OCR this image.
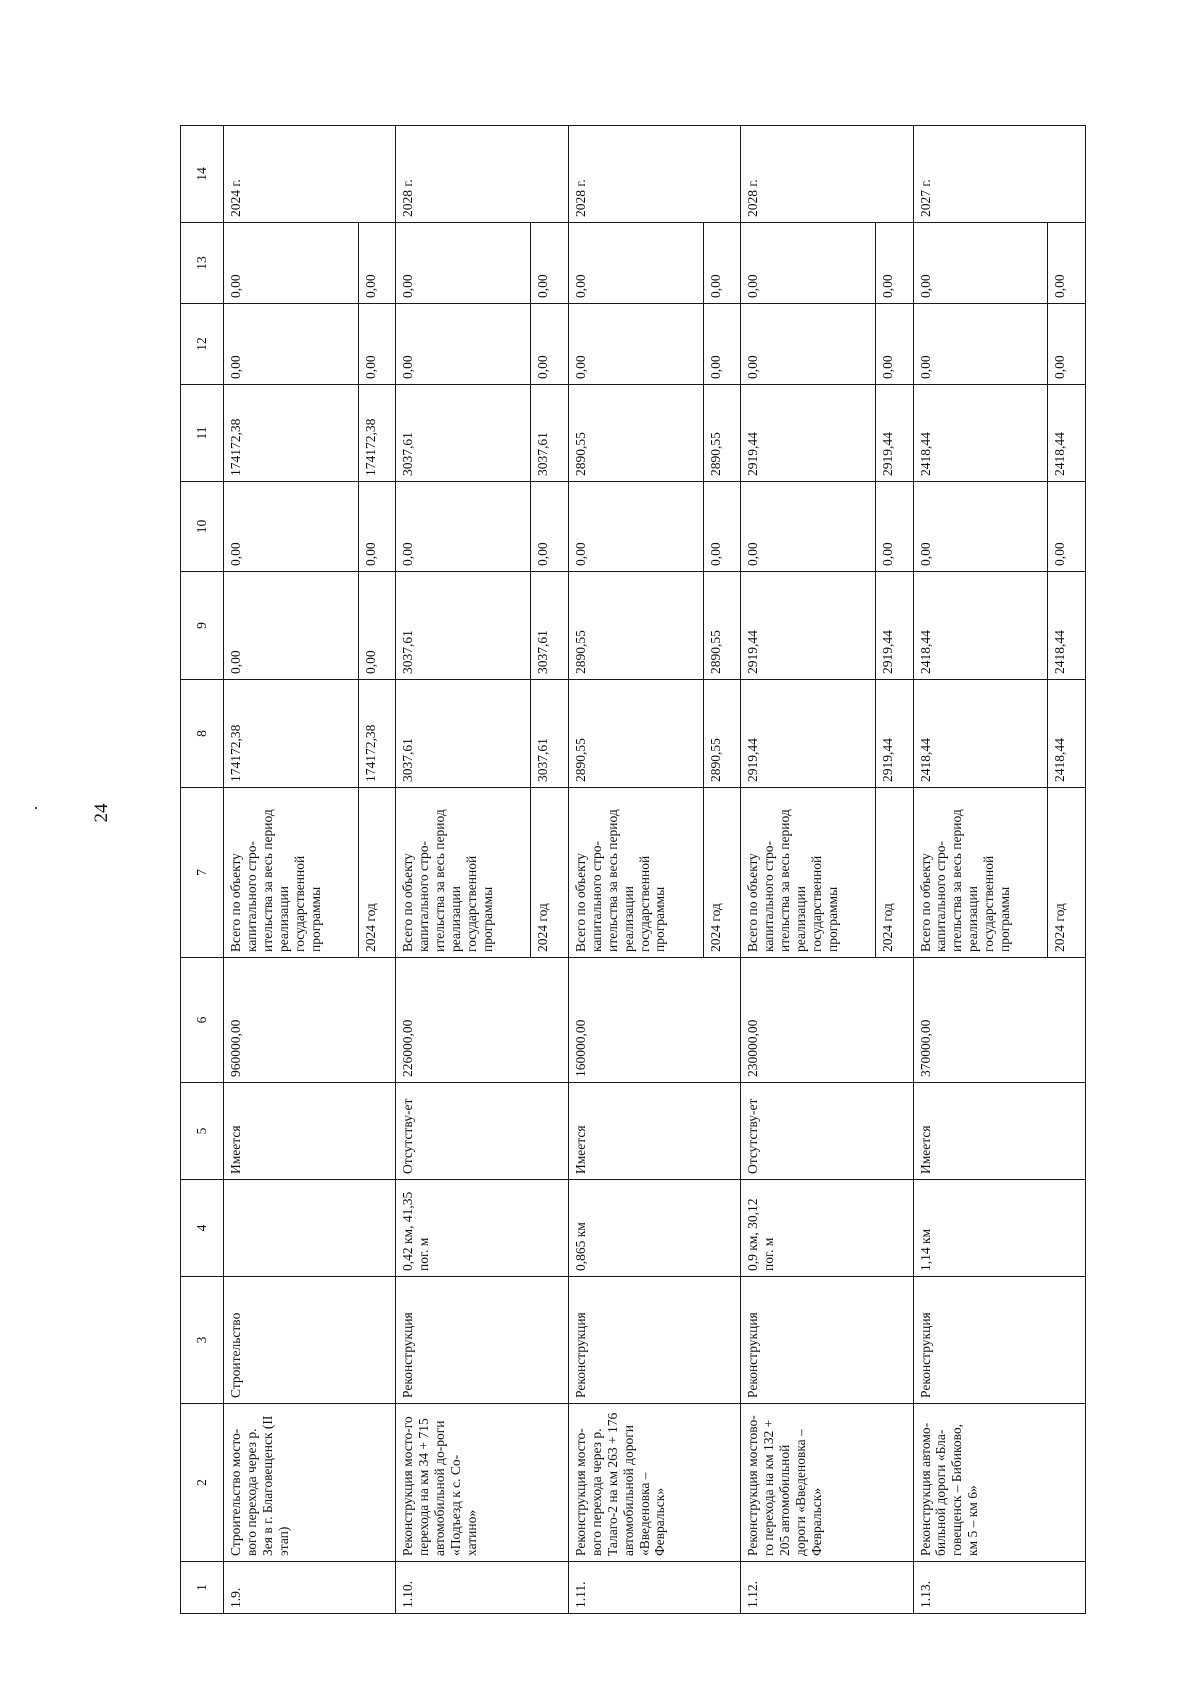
24
1	2	3	4	5	6	7	8	9	10	11	12	13	14
1.9.	Строительство мосто-вого перехода через р. Зея в г. Благовещенск (II этап)	Строительство		Имеется	960000,00	Всего по объекту капитального стро-ительства за весь период реализации государственной программы	174172,38	0,00	0,00	174172,38	0,00	0,00	2024 г.
						2024 год	174172,38	0,00	0,00	174172,38	0,00	0,00	
1.10.	Реконструкция мосто-го перехода на км 34 + 715 автомобильной до-роги «Подъезд к с. Со-хатино»	Реконструкция	0,42 км, 41,35 пог. м	Отсутству-ет	226000,00	Всего по объекту капитального стро-ительства за весь период реализации государственной программы	3037,61	3037,61	0,00	3037,61	0,00	0,00	2028 г.
						2024 год	3037,61	3037,61	0,00	3037,61	0,00	0,00	
1.11.	Реконструкция мосто-вого перехода через р. Талаго-2 на км 263 + 176 автомобильной дороги «Введеновка – Февральск»	Реконструкция	0,865 км	Имеется	160000,00	Всего по объекту капитального стро-ительства за весь период реализации государственной программы	2890,55	2890,55	0,00	2890,55	0,00	0,00	2028 г.
						2024 год	2890,55	2890,55	0,00	2890,55	0,00	0,00	
1.12.	Реконструкция мостово-го перехода на км 132 + 205 автомобильной дороги «Введеновка – Февральск»	Реконструкция	0,9 км, 30,12 пог. м	Отсутству-ет	230000,00	Всего по объекту капитального стро-ительства за весь период реализации государственной программы	2919,44	2919,44	0,00	2919,44	0,00	0,00	2028 г.
						2024 год	2919,44	2919,44	0,00	2919,44	0,00	0,00	
1.13.	Реконструкция автомо-бильной дороги «Бла-говещенск – Бибиково, км 5 – км 6»	Реконструкция	1,14 км	Имеется	370000,00	Всего по объекту капитального стро-ительства за весь период реализации государственной программы	2418,44	2418,44	0,00	2418,44	0,00	0,00	2027 г.
						2024 год	2418,44	2418,44	0,00	2418,44	0,00	0,00	
